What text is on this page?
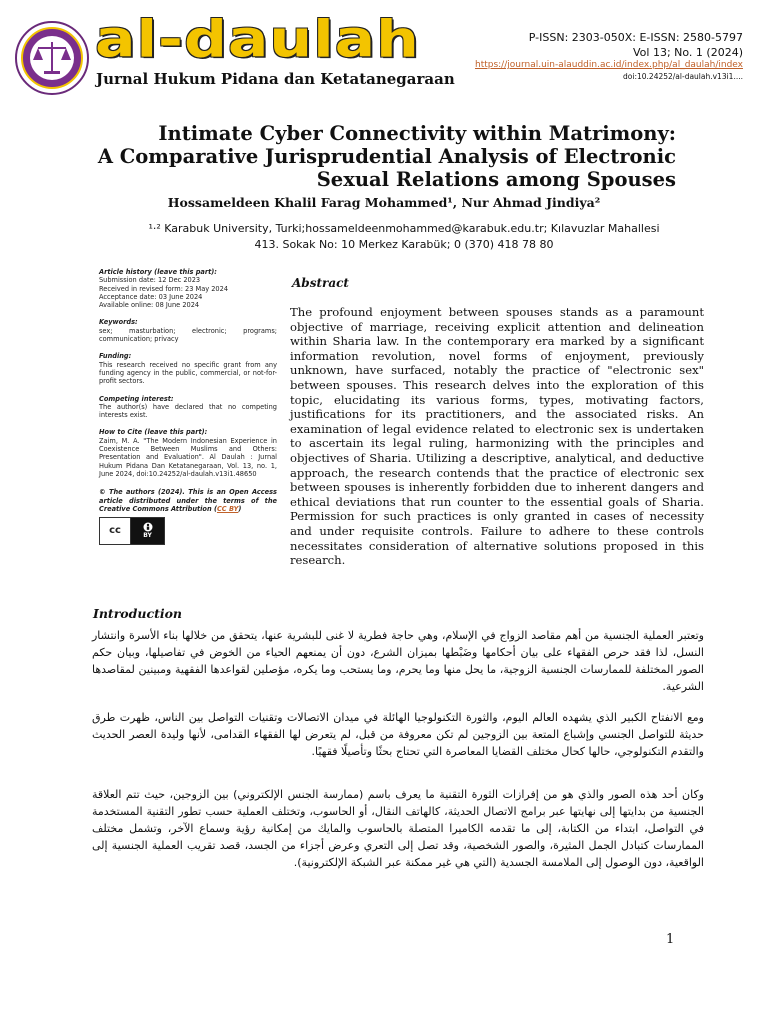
al-daulah
Jurnal Hukum Pidana dan Ketatanegaraan
P-ISSN: 2303-050X: E-ISSN: 2580-5797
Vol 13; No. 1 (2024)
https://journal.uin-alauddin.ac.id/index.php/al_daulah/index
doi:10.24252/al-daulah.v13i1....
Intimate Cyber Connectivity within Matrimony:
A Comparative Jurisprudential Analysis of Electronic
Sexual Relations among Spouses
Hossameldeen Khalil Farag Mohammed¹, Nur Ahmad Jindiya²
¹·² Karabuk University, Turki;hossameldeenmohammed@karabuk.edu.tr; Kılavuzlar Mahallesi
413. Sokak No: 10 Merkez Karabük; 0 (370) 418 78 80
Article history (leave this part):
Submission date: 12 Dec 2023
Received in revised form: 23 May 2024
Acceptance date: 03 June 2024
Available online: 08 June 2024
Keywords:
sex; masturbation; electronic; programs; communication; privacy
Funding:
This research received no specific grant from any funding agency in the public, commercial, or not-for-profit sectors.
Competing interest:
The author(s) have declared that no competing interests exist.
How to Cite (leave this part):
Zaim, M. A. "The Modern Indonesian Experience in Coexistence Between Muslims and Others: Presentation and Evaluation". Al Daulah : Jurnal Hukum Pidana Dan Ketatanegaraan, Vol. 13, no. 1, June 2024, doi:10.24252/al-daulah.v13i1.48650
© The authors (2024). This is an Open Access article distributed under the terms of the Creative Commons Attribution (CC BY)
cc	BY
Abstract
The profound enjoyment between spouses stands as a paramount objective of marriage, receiving explicit attention and delineation within Sharia law. In the contemporary era marked by a significant information revolution, novel forms of enjoyment, previously unknown, have surfaced, notably the practice of "electronic sex" between spouses. This research delves into the exploration of this topic, elucidating its various forms, types, motivating factors, justifications for its practitioners, and the associated risks. An examination of legal evidence related to electronic sex is undertaken to ascertain its legal ruling, harmonizing with the principles and objectives of Sharia. Utilizing a descriptive, analytical, and deductive approach, the research contends that the practice of electronic sex between spouses is inherently forbidden due to inherent dangers and ethical deviations that run counter to the essential goals of Sharia. Permission for such practices is only granted in cases of necessity and under requisite controls. Failure to adhere to these controls necessitates consideration of alternative solutions proposed in this research.
Introduction
وتعتبر العملية الجنسية من أهم مقاصد الزواج في الإسلام، وهي حاجة فطرية لا غنى للبشرية عنها، يتحقق من خلالها بناء الأسرة وانتشار النسل، لذا فقد حرص الفقهاء على بيان أحكامها وضَبْطها بميزان الشرع، دون أن يمنعهم الحياء من الخوض في تفاصيلها، وبيان حكم الصور المختلفة للممارسات الجنسية الزوجية، ما يحل منها وما يحرم، وما يستحب وما يكره، مؤصلين لقواعدها الفقهية ومبينين لمقاصدها الشرعية.
ومع الانفتاح الكبير الذي يشهده العالم اليوم، والثورة التكنولوجيا الهائلة في ميدان الاتصالات وتقنيات التواصل بين الناس، ظهرت طرق حديثة للتواصل الجنسي وإشباع المتعة بين الزوجين لم تكن معروفة من قبل، لم يتعرض لها الفقهاء القدامى، لأنها وليدة العصر الحديث والتقدم التكنولوجي، حالها كحال مختلف القضايا المعاصرة التي تحتاج بحثًا وتأصيلًا فقهيًا.
وكان أحد هذه الصور والذي هو من إفرازات الثورة التقنية ما يعرف باسم (ممارسة الجنس الإلكتروني) بين الزوجين، حيث تتم العلاقة الجنسية من بدايتها إلى نهايتها عبر برامج الاتصال الحديثة، كالهاتف النقال، أو الحاسوب، وتختلف العملية حسب تطور التقنية المستخدمة في التواصل، ابتداء من الكتابة، إلى ما تقدمه الكاميرا المتصلة بالحاسوب والمايك من إمكانية رؤية وسماع الآخر، وتشمل مختلف الممارسات كتبادل الجمل المثيرة، والصور الشخصية، وقد تصل إلى التعري وعرض أجزاء من الجسد، قصد تقريب العملية الجنسية إلى الواقعية، دون الوصول إلى الملامسة الجسدية (التي هي غير ممكنة عبر الشبكة الإلكترونية).
1
